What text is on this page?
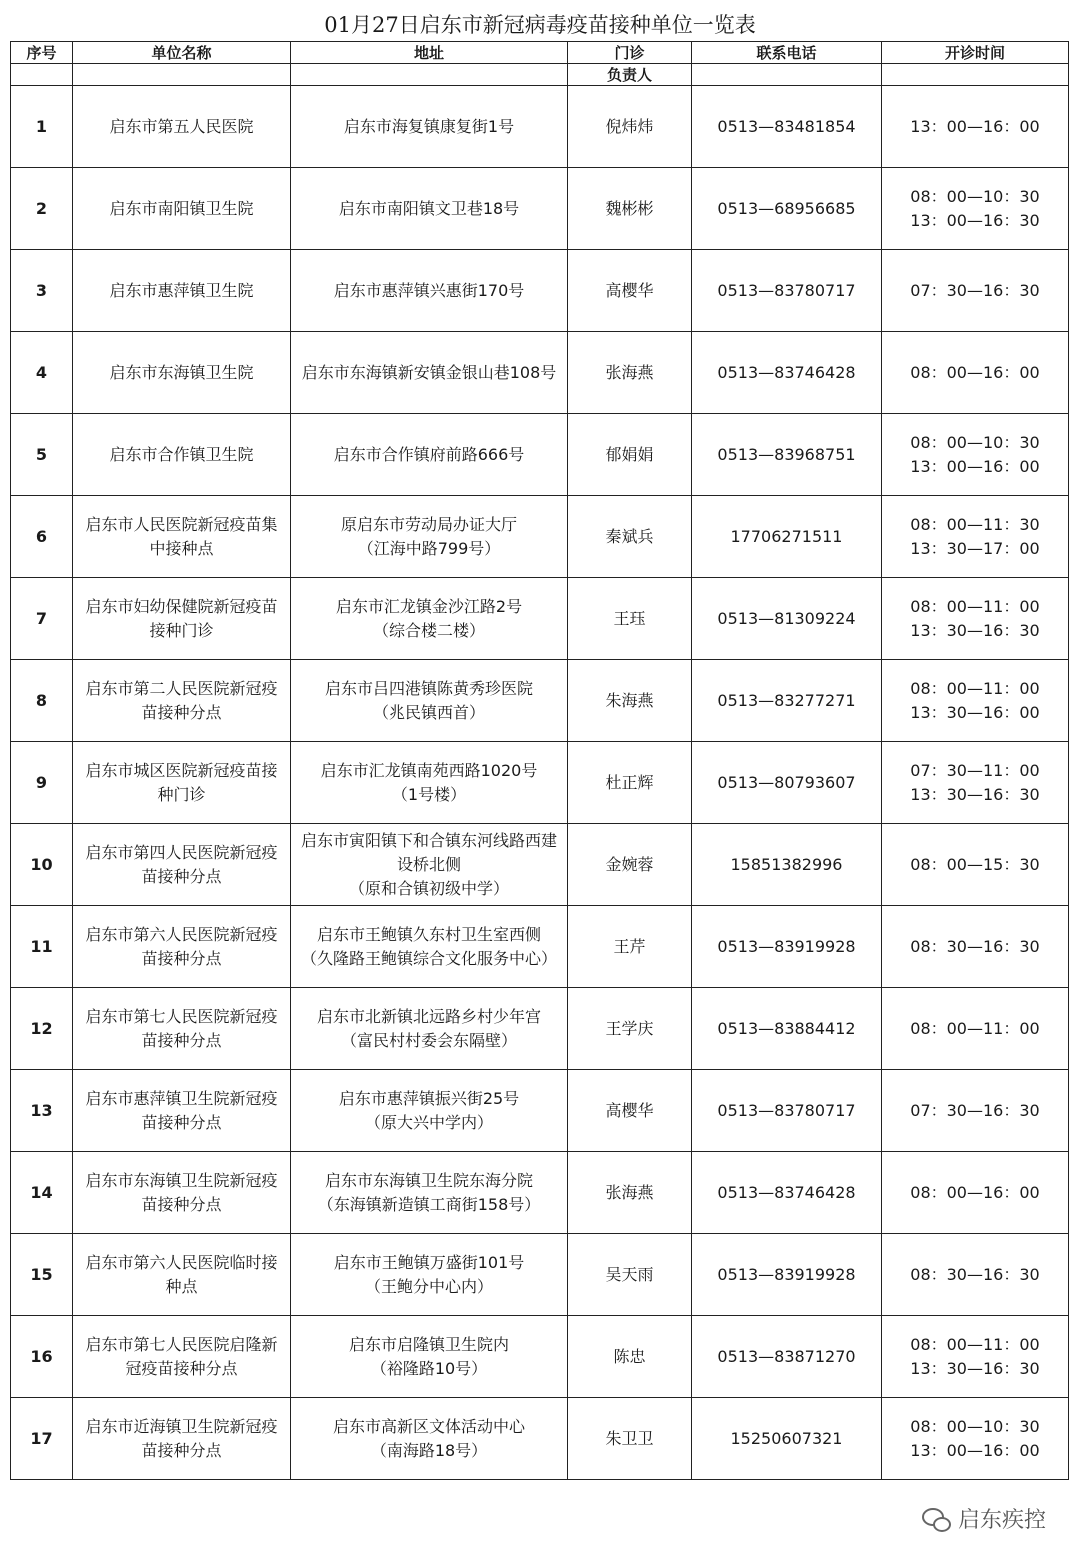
01月27日启东市新冠病毒疫苗接种单位一览表
序号	单位名称	地址	门诊	联系电话	开诊时间
			负责人		
1	启东市第五人民医院	启东市海复镇康复街1号	倪炜炜	0513—83481854	13：00—16：00
2	启东市南阳镇卫生院	启东市南阳镇文卫巷18号	魏彬彬	0513—68956685	08：00—10：30
13：00—16：30
3	启东市惠萍镇卫生院	启东市惠萍镇兴惠街170号	高樱华	0513—83780717	07：30—16：30
4	启东市东海镇卫生院	启东市东海镇新安镇金银山巷108号	张海燕	0513—83746428	08：00—16：00
5	启东市合作镇卫生院	启东市合作镇府前路666号	郁娟娟	0513—83968751	08：00—10：30
13：00—16：00
6	启东市人民医院新冠疫苗集
中接种点	原启东市劳动局办证大厅
（江海中路799号）	秦斌兵	17706271511	08：00—11：30
13：30—17：00
7	启东市妇幼保健院新冠疫苗
接种门诊	启东市汇龙镇金沙江路2号
（综合楼二楼）	王珏	0513—81309224	08：00—11：00
13：30—16：30
8	启东市第二人民医院新冠疫
苗接种分点	启东市吕四港镇陈黄秀珍医院
（兆民镇西首）	朱海燕	0513—83277271	08：00—11：00
13：30—16：00
9	启东市城区医院新冠疫苗接
种门诊	启东市汇龙镇南苑西路1020号
（1号楼）	杜正辉	0513—80793607	07：30—11：00
13：30—16：30
10	启东市第四人民医院新冠疫
苗接种分点	启东市寅阳镇下和合镇东河线路西建
设桥北侧
（原和合镇初级中学）	金婉蓉	15851382996	08：00—15：30
11	启东市第六人民医院新冠疫
苗接种分点	启东市王鲍镇久东村卫生室西侧
（久隆路王鲍镇综合文化服务中心）	王芹	0513—83919928	08：30—16：30
12	启东市第七人民医院新冠疫
苗接种分点	启东市北新镇北远路乡村少年宫
（富民村村委会东隔壁）	王学庆	0513—83884412	08：00—11：00
13	启东市惠萍镇卫生院新冠疫
苗接种分点	启东市惠萍镇振兴街25号
（原大兴中学内）	高樱华	0513—83780717	07：30—16：30
14	启东市东海镇卫生院新冠疫
苗接种分点	启东市东海镇卫生院东海分院
（东海镇新造镇工商街158号）	张海燕	0513—83746428	08：00—16：00
15	启东市第六人民医院临时接
种点	启东市王鲍镇万盛街101号
（王鲍分中心内）	吴天雨	0513—83919928	08：30—16：30
16	启东市第七人民医院启隆新
冠疫苗接种分点	启东市启隆镇卫生院内
（裕隆路10号）	陈忠	0513—83871270	08：00—11：00
13：30—16：30
17	启东市近海镇卫生院新冠疫
苗接种分点	启东市高新区文体活动中心
（南海路18号）	朱卫卫	15250607321	08：00—10：30
13：00—16：00
启东疾控
